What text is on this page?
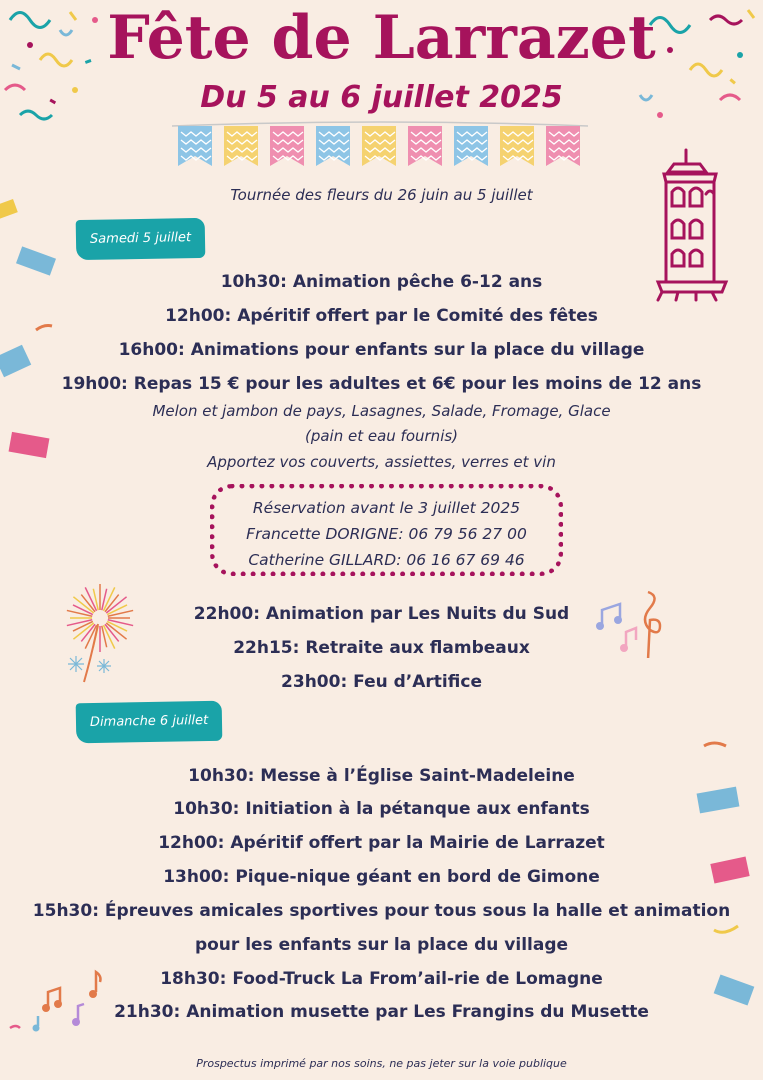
Fête de Larrazet
Du 5 au 6 juillet 2025
Tournée des fleurs du 26 juin au 5 juillet
Samedi 5 juillet
10h30: Animation pêche 6-12 ans
12h00: Apéritif offert par le Comité des fêtes
16h00: Animations pour enfants sur la place du village
19h00: Repas 15 € pour les adultes et 6€ pour les moins de 12 ans
Melon et jambon de pays, Lasagnes, Salade, Fromage, Glace
(pain et eau fournis)
Apportez vos couverts, assiettes, verres et vin
Réservation avant le 3 juillet 2025
Francette DORIGNE: 06 79 56 27 00
Catherine GILLARD: 06 16 67 69 46
22h00: Animation par Les Nuits du Sud
22h15: Retraite aux flambeaux
23h00: Feu d’Artifice
Dimanche 6 juillet
10h30: Messe à l’Église Saint-Madeleine
10h30: Initiation à la pétanque aux enfants
12h00: Apéritif offert par la Mairie de Larrazet
13h00: Pique-nique géant en bord de Gimone
15h30: Épreuves amicales sportives pour tous sous la halle et animation
pour les enfants sur la place du village
18h30: Food-Truck La From’ail-rie de Lomagne
21h30: Animation musette par Les Frangins du Musette
Prospectus imprimé par nos soins, ne pas jeter sur la voie publique
